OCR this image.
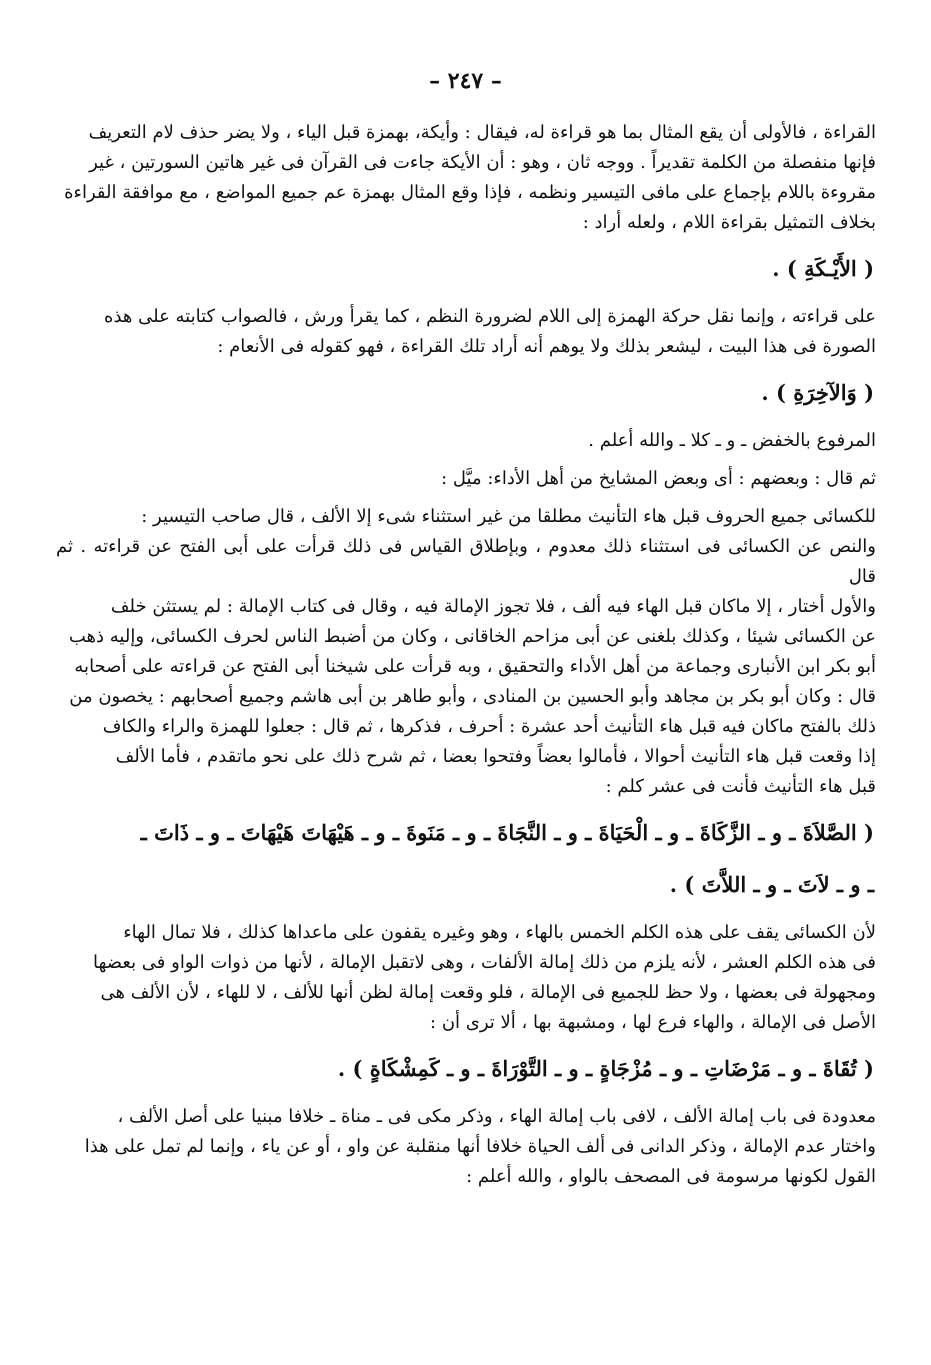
– ٢٤٧ –

القراءة ، فالأولى أن يقع المثال بما هو قراءة له، فيقال : وأيكة، بهمزة قبل الياء ، ولا يضر حذف لام التعريف

فإنها منفصلة من الكلمة تقديراً . ووجه ثان ، وهو : أن الأيكة جاءت فى القرآن فى غير هاتين السورتين ، غير

مقروءة باللام بإجماع على مافى التيسير ونظمه ، فإذا وقع المثال بهمزة عم جميع المواضع ، مع موافقة القراءة

بخلاف التمثيل بقراءة اللام ، ولعله أراد :

( الأَيْـكَةِ ) .

على قراءته ، وإنما نقل حركة الهمزة إلى اللام لضرورة النظم ، كما يقرأ ورش ، فالصواب كتابته على هذه

الصورة فى هذا البيت ، ليشعر بذلك ولا يوهم أنه أراد تلك القراءة ، فهو كقوله فى الأنعام :

( وَالآخِرَةِ ) .

المرفوع بالخفض ـ و ـ كلا ـ والله أعلم .

ثم قال : وبعضهم : أى وبعض المشايخ من أهل الأداء: ميَّل :

للكسائى جميع الحروف قبل هاء التأنيث مطلقا من غير استثناء شىء إلا الألف ، قال صاحب التيسير :

والنص عن الكسائى فى استثناء ذلك معدوم ، وبإطلاق القياس فى ذلك قرأت على أبى الفتح عن قراءته . ثم قال

والأول أختار ، إلا ماكان قبل الهاء فيه ألف ، فلا تجوز الإمالة فيه ، وقال فى كتاب الإمالة : لم يستثن خلف

عن الكسائى شيئا ، وكذلك بلغنى عن أبى مزاحم الخاقانى ، وكان من أضبط الناس لحرف الكسائى، وإليه ذهب

أبو بكر ابن الأنبارى وجماعة من أهل الأداء والتحقيق ، وبه قرأت على شيخنا أبى الفتح عن قراءته على أصحابه

قال : وكان أبو بكر بن مجاهد وأبو الحسين بن المنادى ، وأبو طاهر بن أبى هاشم وجميع أصحابهم : يخصون من

ذلك بالفتح ماكان فيه قبل هاء التأنيث أحد عشرة : أحرف ، فذكرها ، ثم قال : جعلوا للهمزة والراء والكاف

إذا وقعت قبل هاء التأنيث أحوالا ، فأمالوا بعضاً وفتحوا بعضا ، ثم شرح ذلك على نحو ماتقدم ، فأما الألف

قبل هاء التأنيث فأنت فى عشر كلم :

( الصَّلاَةَ ـ و ـ الزَّكَاةَ ـ و ـ الْحَيَاةَ ـ و ـ النَّجَاةَ ـ و ـ مَنَوةَ ـ و ـ هَيْهَاتَ هَيْهَاتَ ـ و ـ ذَاتَ ـ
ـ و ـ لاَتَ ـ و ـ اللاَّتَ ) .

لأن الكسائى يقف على هذه الكلم الخمس بالهاء ، وهو وغيره يقفون على ماعداها كذلك ، فلا تمال الهاء

فى هذه الكلم العشر ، لأنه يلزم من ذلك إمالة الألفات ، وهى لاتقبل الإمالة ، لأنها من ذوات الواو فى بعضها

ومجهولة فى بعضها ، ولا حظ للجميع فى الإمالة ، فلو وقعت إمالة لظن أنها للألف ، لا للهاء ، لأن الألف هى

الأصل فى الإمالة ، والهاء فرع لها ، ومشبهة بها ، ألا ترى أن :

( تُقَاةَ ـ و ـ مَرْضَاتِ ـ و ـ مُزْجَاةٍ ـ و ـ التَّوْرَاةَ ـ و ـ كَمِشْكَاةٍ ) .

معدودة فى باب إمالة الألف ، لافى باب إمالة الهاء ، وذكر مكى فى ـ مناة ـ خلافا مبنيا على أصل الألف ،

واختار عدم الإمالة ، وذكر الدانى فى ألف الحياة خلافا أنها منقلبة عن واو ، أو عن ياء ، وإنما لم تمل على هذا

القول لكونها مرسومة فى المصحف بالواو ، والله أعلم :
